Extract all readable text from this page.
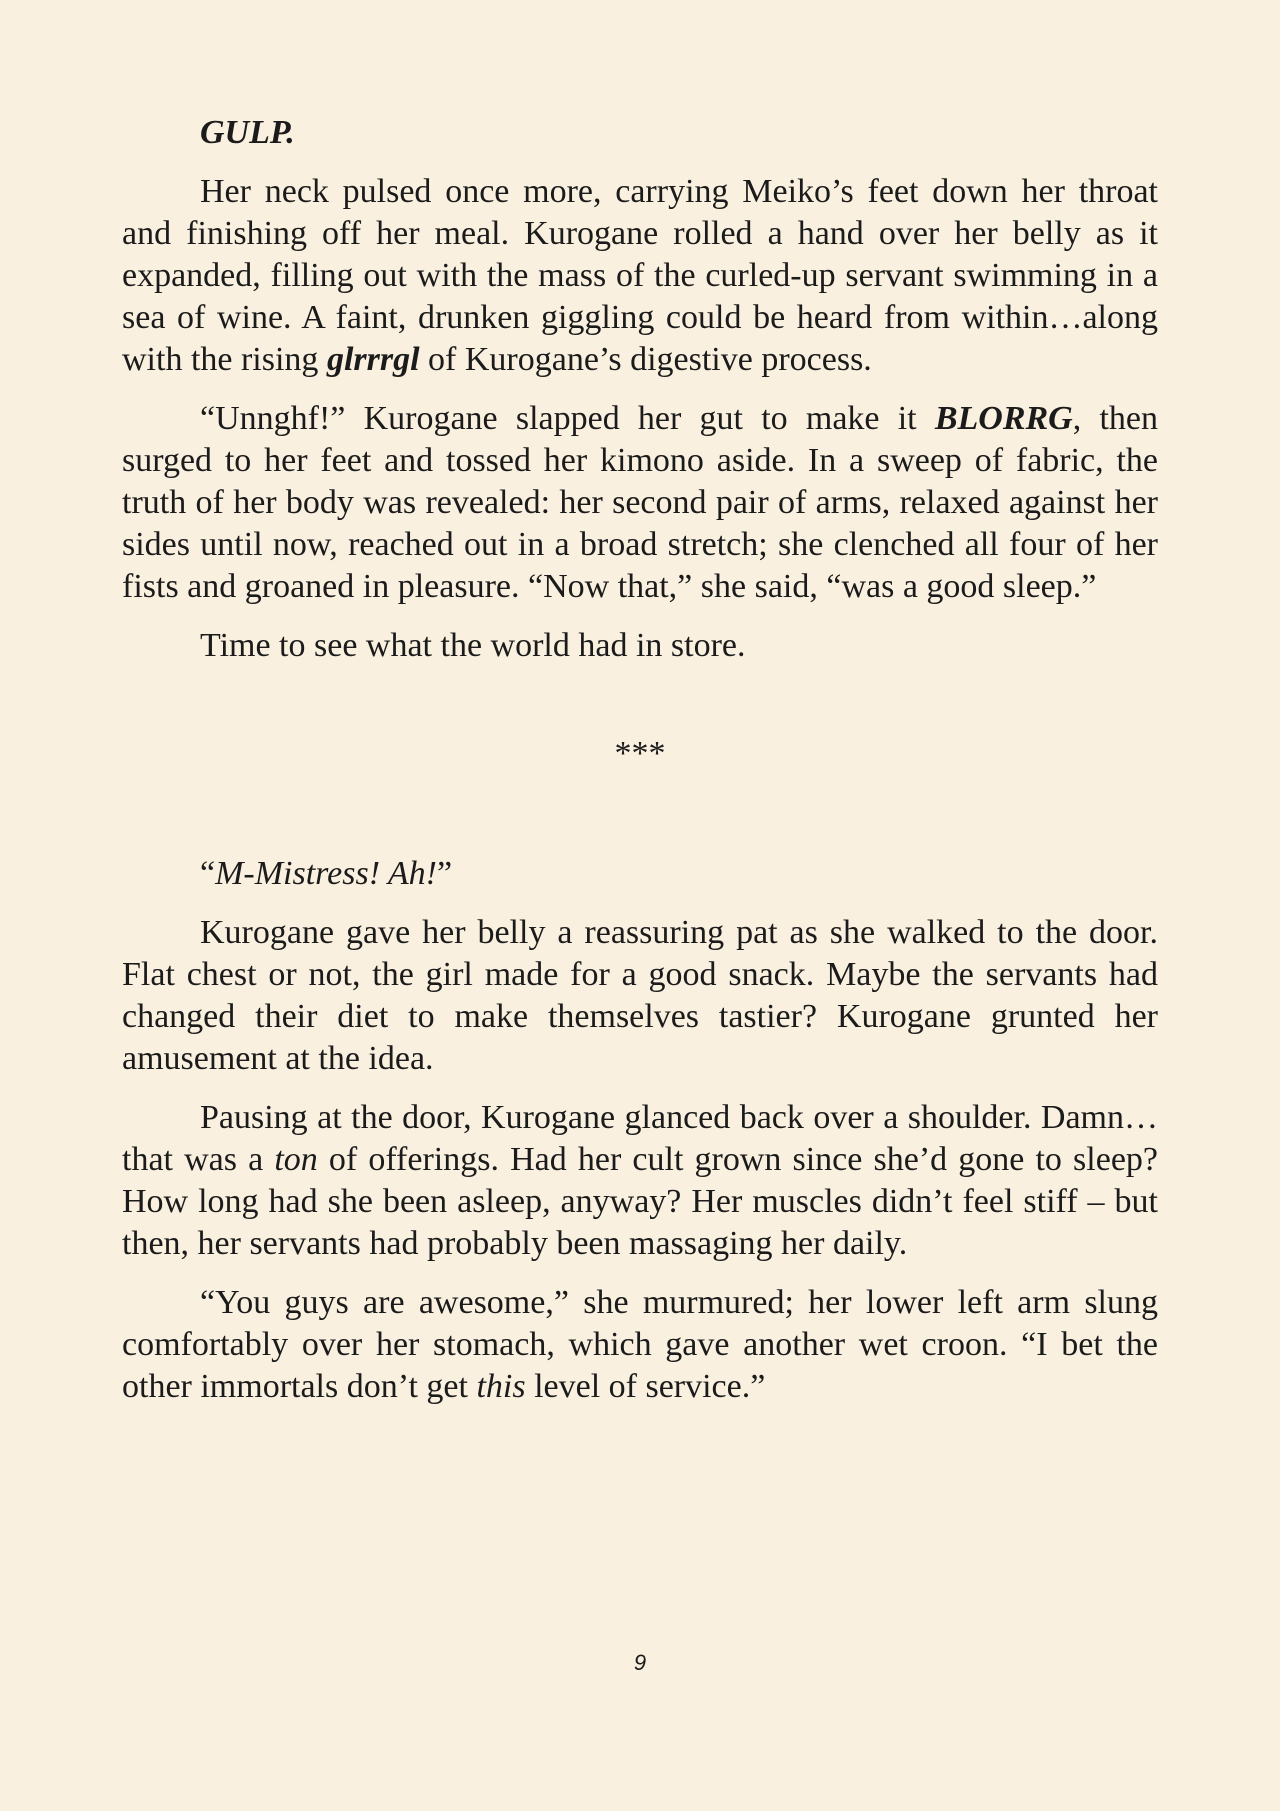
GULP.

Her neck pulsed once more, carrying Meiko’s feet down her throat and finishing off her meal. Kurogane rolled a hand over her belly as it expanded, filling out with the mass of the curled-up servant swimming in a sea of wine. A faint, drunken giggling could be heard from within…along with the rising glrrrgl of Kurogane’s digestive process.

“Unnghf!” Kurogane slapped her gut to make it BLORRG, then surged to her feet and tossed her kimono aside. In a sweep of fabric, the truth of her body was revealed: her second pair of arms, relaxed against her sides until now, reached out in a broad stretch; she clenched all four of her fists and groaned in pleasure. “Now that,” she said, “was a good sleep.”

Time to see what the world had in store.

***

“M-Mistress! Ah!”

Kurogane gave her belly a reassuring pat as she walked to the door. Flat chest or not, the girl made for a good snack. Maybe the servants had changed their diet to make themselves tastier? Kurogane grunted her amusement at the idea.

Pausing at the door, Kurogane glanced back over a shoulder. Damn… that was a ton of offerings. Had her cult grown since she’d gone to sleep? How long had she been asleep, anyway? Her muscles didn’t feel stiff – but then, her servants had probably been massaging her daily.

“You guys are awesome,” she murmured; her lower left arm slung comfortably over her stomach, which gave another wet croon. “I bet the other immortals don’t get this level of service.”

9
